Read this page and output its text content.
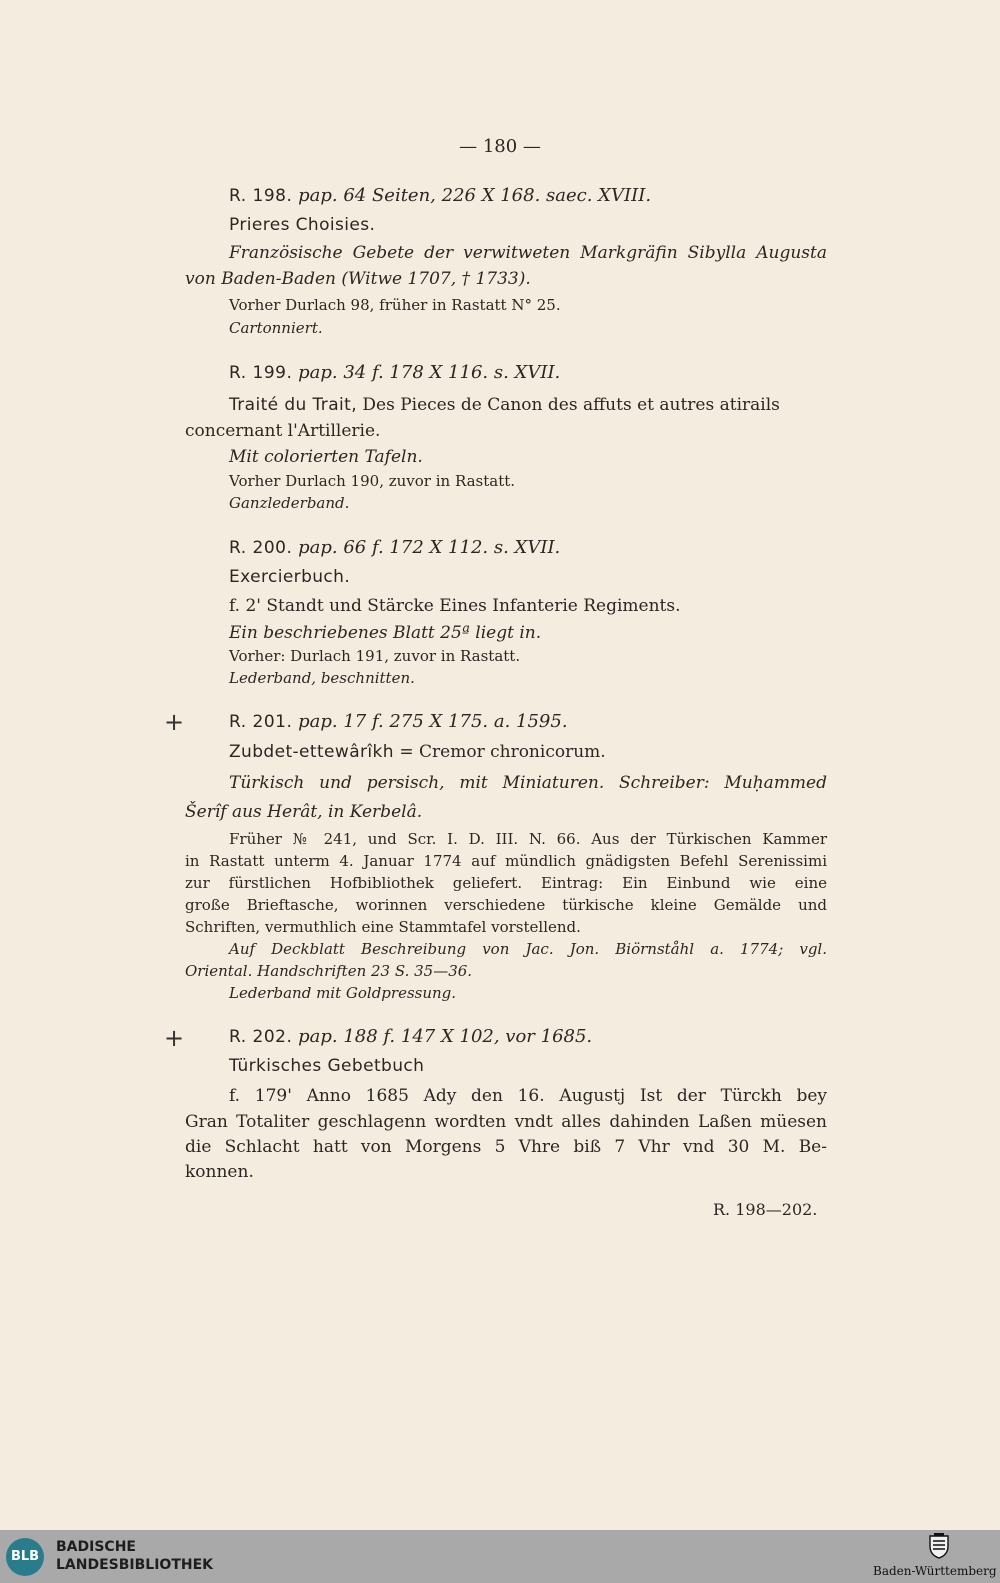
— 180 —
R. 198. pap. 64 Seiten, 226 X 168. saec. XVIII.
Prieres Choisies.
Französische Gebete der verwitweten Markgräfin Sibylla Augusta
von Baden-Baden (Witwe 1707, † 1733).
Vorher Durlach 98, früher in Rastatt N° 25.
Cartonniert.
R. 199. pap. 34 f. 178 X 116. s. XVII.
Traité du Trait, Des Pieces de Canon des affuts et autres atirails
concernant l'Artillerie.
Mit colorierten Tafeln.
Vorher Durlach 190, zuvor in Rastatt.
Ganzlederband.
R. 200. pap. 66 f. 172 X 112. s. XVII.
Exercierbuch.
f. 2' Standt und Stärcke Eines Infanterie Regiments.
Ein beschriebenes Blatt 25ª liegt in.
Vorher: Durlach 191, zuvor in Rastatt.
Lederband, beschnitten.
+	R. 201. pap. 17 f. 275 X 175. a. 1595.
Zubdet-ettewârîkh = Cremor chronicorum.
Türkisch und persisch, mit Miniaturen. Schreiber: Muḥammed
Šerîf aus Herât, in Kerbelâ.
Früher № 241, und Scr. I. D. III. N. 66. Aus der Türkischen Kammer
in Rastatt unterm 4. Januar 1774 auf mündlich gnädigsten Befehl Serenissimi
zur fürstlichen Hofbibliothek geliefert. Eintrag: Ein Einbund wie eine
große Brieftasche, worinnen verschiedene türkische kleine Gemälde und
Schriften, vermuthlich eine Stammtafel vorstellend.
Auf Deckblatt Beschreibung von Jac. Jon. Biörnståhl a. 1774; vgl.
Oriental. Handschriften 23 S. 35—36.
Lederband mit Goldpressung.
+	R. 202. pap. 188 f. 147 X 102, vor 1685.
Türkisches Gebetbuch
f. 179' Anno 1685 Ady den 16. Augustj Ist der Türckh bey
Gran Totaliter geschlagenn wordten vndt alles dahinden Laßen müesen
die Schlacht hatt von Morgens 5 Vhre biß 7 Vhr vnd 30 M. Be-
konnen.
R. 198—202.
BLB
BADISCHE
LANDESBIBLIOTHEK	Baden-Württemberg
